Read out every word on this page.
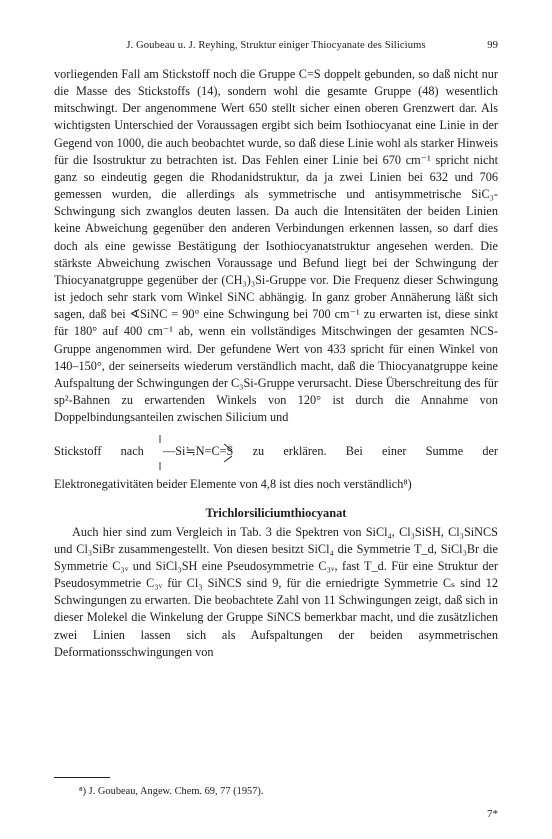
J. Goubeau u. J. Reyhing, Struktur einiger Thiocyanate des Siliciums	99

vorliegenden Fall am Stickstoff noch die Gruppe C=S doppelt gebunden, so daß nicht nur die Masse des Stickstoffs (14), sondern wohl die gesamte Gruppe (48) wesentlich mitschwingt. Der angenommene Wert 650 stellt sicher einen oberen Grenzwert dar. Als wichtigsten Unterschied der Voraussagen ergibt sich beim Isothiocyanat eine Linie in der Gegend von 1000, die auch beobachtet wurde, so daß diese Linie wohl als starker Hinweis für die Isostruktur zu betrachten ist. Das Fehlen einer Linie bei 670 cm⁻¹ spricht nicht ganz so eindeutig gegen die Rhodanidstruktur, da ja zwei Linien bei 632 und 706 gemessen wurden, die allerdings als symmetrische und antisymmetrische SiC₃-Schwingung sich zwanglos deuten lassen. Da auch die Intensitäten der beiden Linien keine Abweichung gegenüber den anderen Verbindungen erkennen lassen, so darf dies doch als eine gewisse Bestätigung der Isothiocyanatstruktur angesehen werden. Die stärkste Abweichung zwischen Voraussage und Befund liegt bei der Schwingung der Thiocyanatgruppe gegenüber der (CH₃)₃Si-Gruppe vor. Die Frequenz dieser Schwingung ist jedoch sehr stark vom Winkel SiNC abhängig. In ganz grober Annäherung läßt sich sagen, daß bei ∢SiNC = 90° eine Schwingung bei 700 cm⁻¹ zu erwarten ist, diese sinkt für 180° auf 400 cm⁻¹ ab, wenn ein vollständiges Mitschwingen der gesamten NCS-Gruppe angenommen wird. Der gefundene Wert von 433 spricht für einen Winkel von 140–150°, der seinerseits wiederum verständlich macht, daß die Thiocyanatgruppe keine Aufspaltung der Schwingungen der C₃Si-Gruppe verursacht. Diese Überschreitung des für sp²-Bahnen zu erwartenden Winkels von 120° ist durch die Annahme von Doppelbindungsanteilen zwischen Silicium und

Stickstoff nach —Si≒N=C=S zu erklären. Bei einer Summe der

Elektronegativitäten beider Elemente von 4,8 ist dies noch verständlich⁸)

Trichlorsiliciumthiocyanat

Auch hier sind zum Vergleich in Tab. 3 die Spektren von SiCl₄, Cl₃SiSH, Cl₃SiNCS und Cl₃SiBr zusammengestellt. Von diesen besitzt SiCl₄ die Symmetrie T_d, SiCl₃Br die Symmetrie C₃ᵥ und SiCl₃SH eine Pseudosymmetrie C₃ᵥ, fast T_d. Für eine Struktur der Pseudosymmetrie C₃ᵥ für Cl₃ SiNCS sind 9, für die erniedrigte Symmetrie Cₛ sind 12 Schwingungen zu erwarten. Die beobachtete Zahl von 11 Schwingungen zeigt, daß sich in dieser Molekel die Winkelung der Gruppe SiNCS bemerkbar macht, und die zusätzlichen zwei Linien lassen sich als Aufspaltungen der beiden asymmetrischen Deformationsschwingungen von

⁸) J. Goubeau, Angew. Chem. 69, 77 (1957).
7*
